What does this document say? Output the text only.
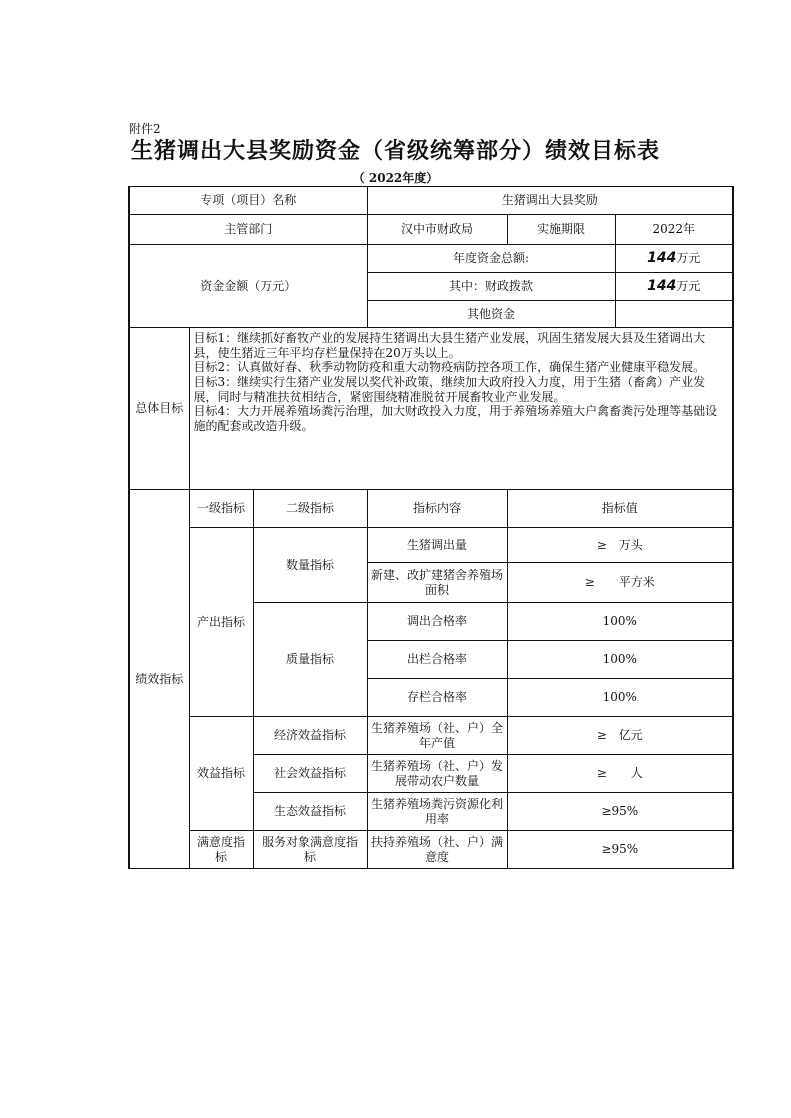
附件2
生猪调出大县奖励资金（省级统筹部分）绩效目标表
（ 2022年度）
专项（项目）名称			生猪调出大县奖励		
主管部门			汉中市财政局	实施期限	2022年
资金金额（万元）			年度资金总额:		144万元
			其中：财政拨款		144万元
			其他资金		
总体目标	目标1：继续抓好畜牧产业的发展持生猪调出大县生猪产业发展，巩固生猪发展大县及生猪调出大县，使生猪近三年平均存栏量保持在20万头以上。
目标2：认真做好春、秋季动物防疫和重大动物疫病防控各项工作，确保生猪产业健康平稳发展。
目标3：继续实行生猪产业发展以奖代补政策，继续加大政府投入力度，用于生猪（畜禽）产业发展，同时与精准扶贫相结合，紧密围绕精准脱贫开展畜牧业产业发展。
目标4：大力开展养殖场粪污治理，加大财政投入力度，用于养殖场养殖大户禽畜粪污处理等基础设施的配套或改造升级。				

绩效指标	一级指标	二级指标	指标内容	指标值	
	产出指标	数量指标	生猪调出量	≥　万头	
			新建、改扩建猪舍养殖场面积	≥　　平方米	
		质量指标	调出合格率	100%	
			出栏合格率	100%	
			存栏合格率	100%	
	效益指标	经济效益指标	生猪养殖场（社、户）全年产值	≥　亿元	
		社会效益指标	生猪养殖场（社、户）发展带动农户数量	≥　　人	
		生态效益指标	生猪养殖场粪污资源化利用率	≥95%	
	满意度指标	服务对象满意度指标	扶持养殖场（社、户）满意度	≥95%	
